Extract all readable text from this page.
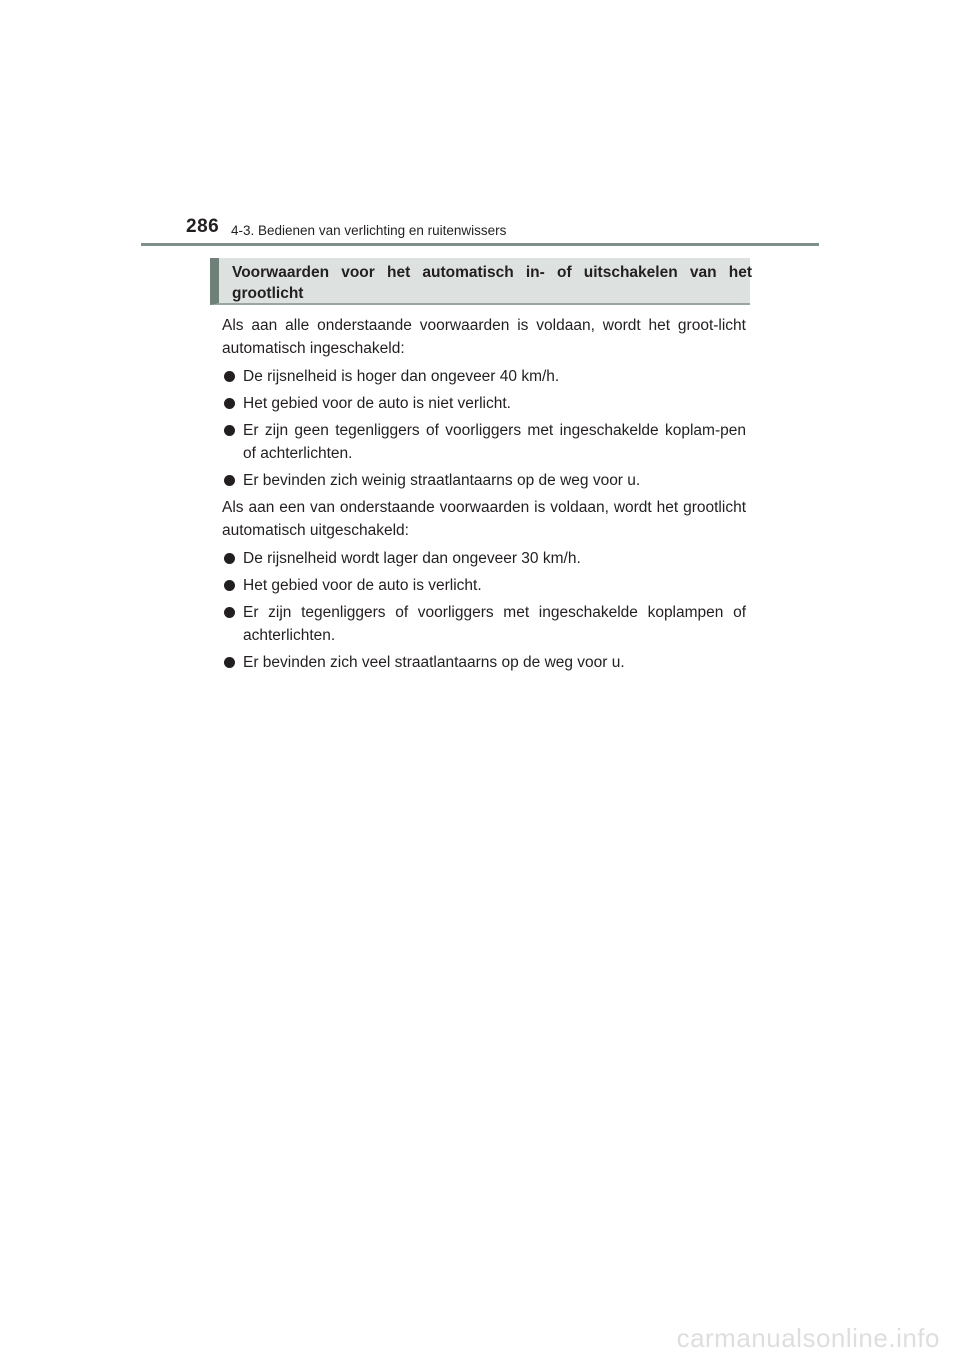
286 4-3. Bedienen van verlichting en ruitenwissers
Voorwaarden voor het automatisch in- of uitschakelen van het grootlicht

Als aan alle onderstaande voorwaarden is voldaan, wordt het groot-licht automatisch ingeschakeld:

De rijsnelheid is hoger dan ongeveer 40 km/h.
Het gebied voor de auto is niet verlicht.
Er zijn geen tegenliggers of voorliggers met ingeschakelde koplam-pen of achterlichten.
Er bevinden zich weinig straatlantaarns op de weg voor u.

Als aan een van onderstaande voorwaarden is voldaan, wordt het grootlicht automatisch uitgeschakeld:

De rijsnelheid wordt lager dan ongeveer 30 km/h.
Het gebied voor de auto is verlicht.
Er zijn tegenliggers of voorliggers met ingeschakelde koplampen of achterlichten.
Er bevinden zich veel straatlantaarns op de weg voor u.
carmanualsonline.info
